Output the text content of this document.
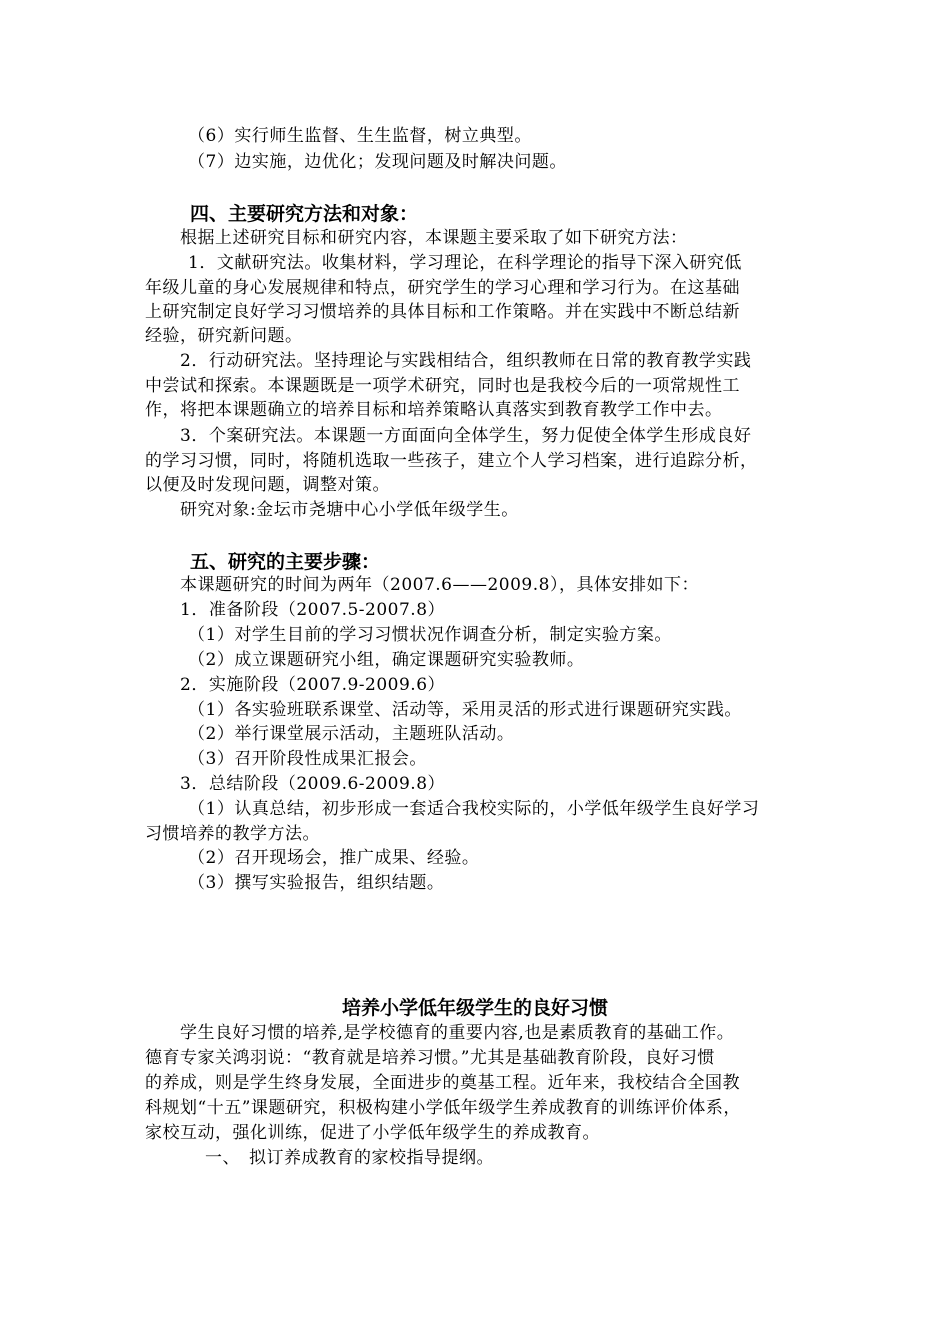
（6）实行师生监督、生生监督，树立典型。
（7）边实施，边优化；发现问题及时解决问题。
四、主要研究方法和对象：
根据上述研究目标和研究内容，本课题主要采取了如下研究方法：
1．文献研究法。收集材料，学习理论，在科学理论的指导下深入研究低
年级儿童的身心发展规律和特点，研究学生的学习心理和学习行为。在这基础
上研究制定良好学习习惯培养的具体目标和工作策略。并在实践中不断总结新
经验，研究新问题。
2．行动研究法。坚持理论与实践相结合，组织教师在日常的教育教学实践
中尝试和探索。本课题既是一项学术研究，同时也是我校今后的一项常规性工
作，将把本课题确立的培养目标和培养策略认真落实到教育教学工作中去。
3．个案研究法。本课题一方面面向全体学生，努力促使全体学生形成良好
的学习习惯，同时，将随机选取一些孩子，建立个人学习档案，进行追踪分析，
以便及时发现问题，调整对策。
研究对象:金坛市尧塘中心小学低年级学生。
五、研究的主要步骤：
本课题研究的时间为两年（2007.6——2009.8），具体安排如下：
1．准备阶段（2007.5-2007.8）
（1）对学生目前的学习习惯状况作调查分析，制定实验方案。
（2）成立课题研究小组，确定课题研究实验教师。
2．实施阶段（2007.9-2009.6）
（1）各实验班联系课堂、活动等，采用灵活的形式进行课题研究实践。
（2）举行课堂展示活动，主题班队活动。
（3）召开阶段性成果汇报会。
3．总结阶段（2009.6-2009.8）
（1）认真总结，初步形成一套适合我校实际的，小学低年级学生良好学习
习惯培养的教学方法。
（2）召开现场会，推广成果、经验。
（3）撰写实验报告，组织结题。
培养小学低年级学生的良好习惯
学生良好习惯的培养,是学校德育的重要内容,也是素质教育的基础工作。
德育专家关鸿羽说：“教育就是培养习惯。”尤其是基础教育阶段，良好习惯
的养成，则是学生终身发展，全面进步的奠基工程。近年来，我校结合全国教
科规划“十五”课题研究，积极构建小学低年级学生养成教育的训练评价体系，
家校互动，强化训练，促进了小学低年级学生的养成教育。
一、　拟订养成教育的家校指导提纲。
